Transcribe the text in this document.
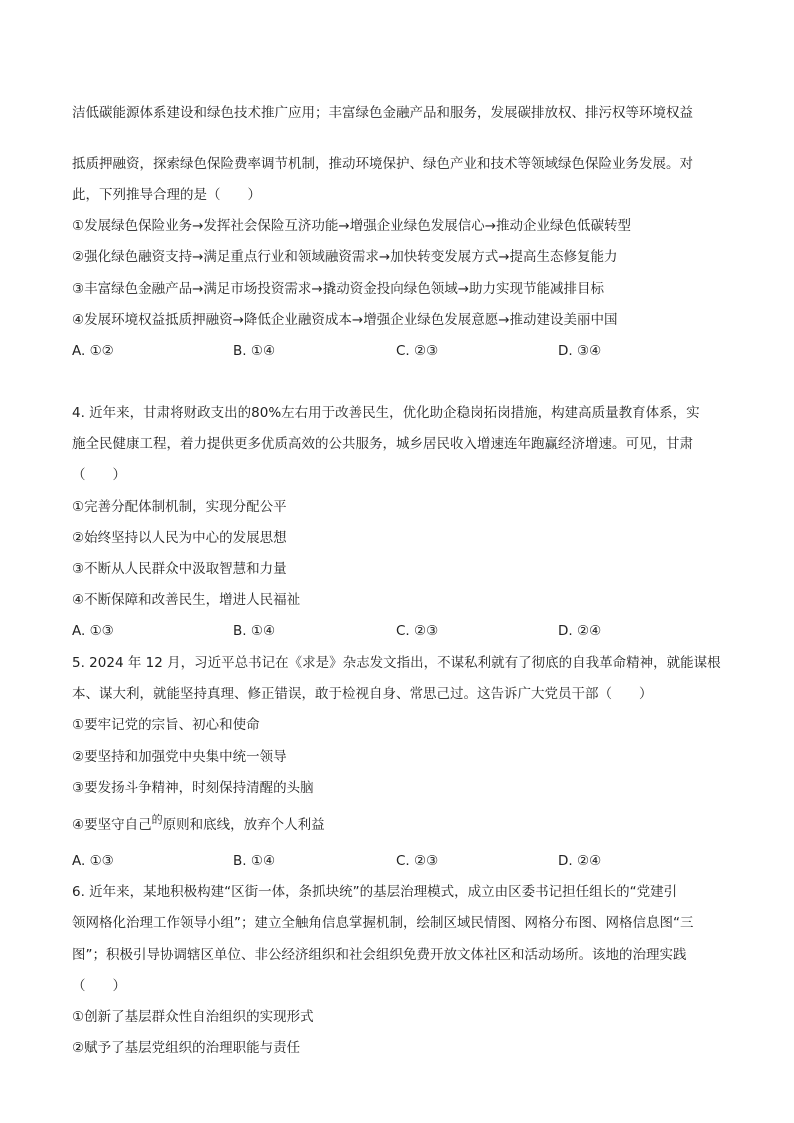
洁低碳能源体系建设和绿色技术推广应用；丰富绿色金融产品和服务，发展碳排放权、排污权等环境权益
抵质押融资，探索绿色保险费率调节机制，推动环境保护、绿色产业和技术等领域绿色保险业务发展。对
此，下列推导合理的是（　　）
①发展绿色保险业务→发挥社会保险互济功能→增强企业绿色发展信心→推动企业绿色低碳转型
②强化绿色融资支持→满足重点行业和领域融资需求→加快转变发展方式→提高生态修复能力
③丰富绿色金融产品→满足市场投资需求→撬动资金投向绿色领域→助力实现节能减排目标
④发展环境权益抵质押融资→降低企业融资成本→增强企业绿色发展意愿→推动建设美丽中国
A. ①②	B. ①④	C. ②③	D. ③④
4. 近年来，甘肃将财政支出的80%左右用于改善民生，优化助企稳岗拓岗措施，构建高质量教育体系，实
施全民健康工程，着力提供更多优质高效的公共服务，城乡居民收入增速连年跑赢经济增速。可见，甘肃
（　　）
①完善分配体制机制，实现分配公平
②始终坚持以人民为中心的发展思想
③不断从人民群众中汲取智慧和力量
④不断保障和改善民生，增进人民福祉
A. ①③	B. ①④	C. ②③	D. ②④
5. 2024 年 12 月，习近平总书记在《求是》杂志发文指出，不谋私利就有了彻底的自我革命精神，就能谋根
本、谋大利，就能坚持真理、修正错误，敢于检视自身、常思己过。这告诉广大党员干部（　　）
①要牢记党的宗旨、初心和使命
②要坚持和加强党中央集中统一领导
③要发扬斗争精神，时刻保持清醒的头脑
④要坚守自己$^的$原则和底线，放弃个人利益
A. ①③	B. ①④	C. ②③	D. ②④
6. 近年来，某地积极构建“区街一体，条抓块统”的基层治理模式，成立由区委书记担任组长的“党建引
领网格化治理工作领导小组”；建立全触角信息掌握机制，绘制区域民情图、网格分布图、网格信息图“三
图”；积极引导协调辖区单位、非公经济组织和社会组织免费开放文体社区和活动场所。该地的治理实践
（　　）
①创新了基层群众性自治组织的实现形式
②赋予了基层党组织的治理职能与责任
